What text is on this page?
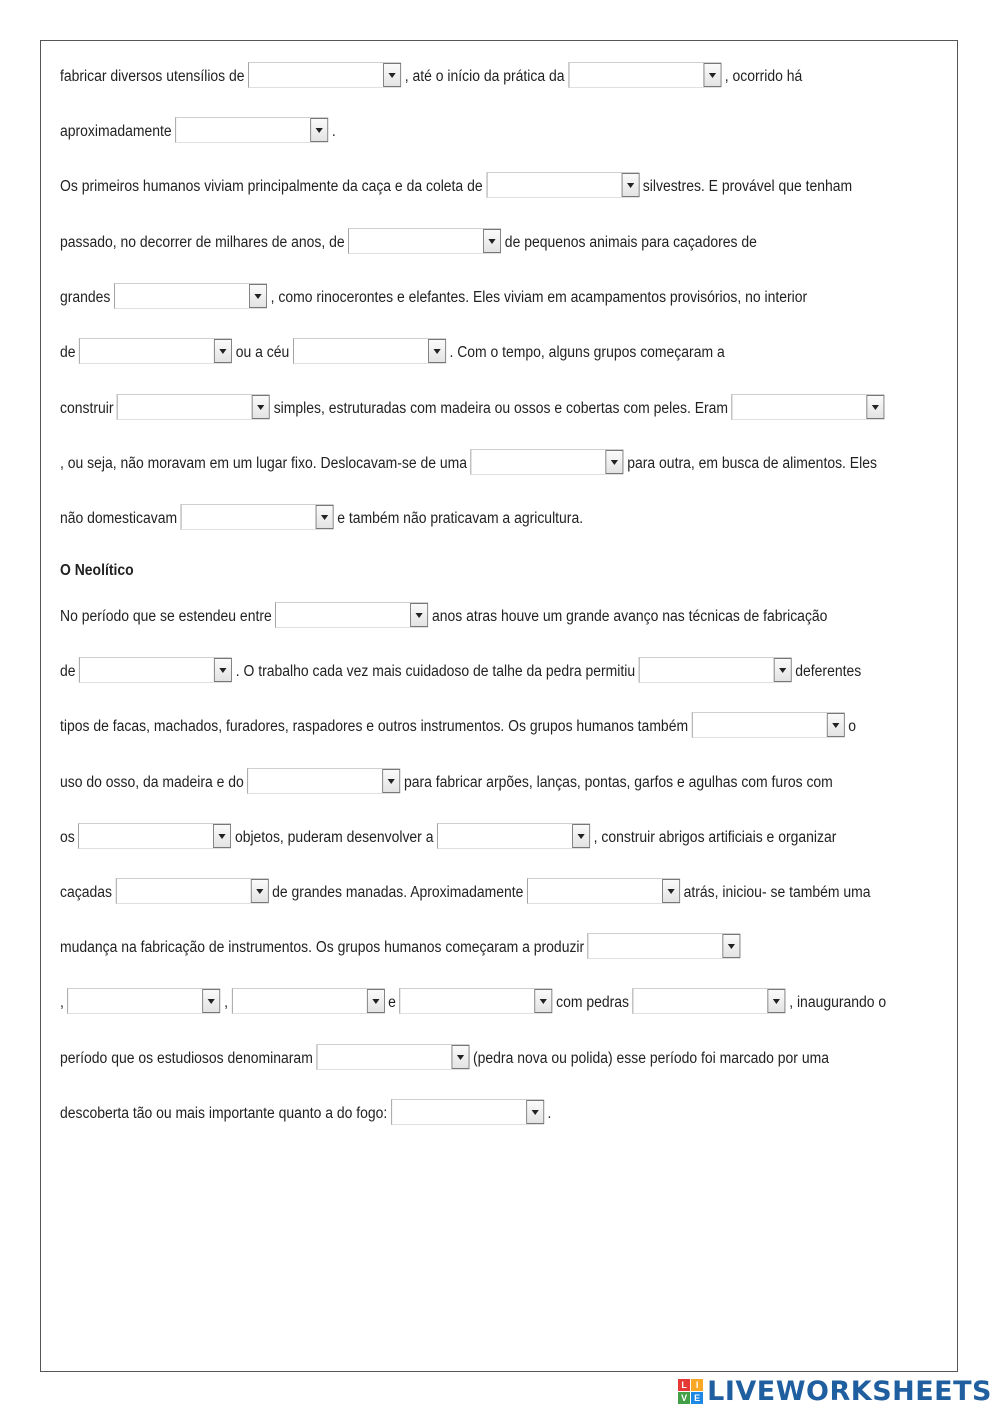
fabricar diversos utensílios de	, até o início da prática da	, ocorrido há
aproximadamente	.
Os primeiros humanos viviam principalmente da caça e da coleta de	silvestres. E provável que tenham
passado, no decorrer de milhares de anos, de	de pequenos animais para caçadores de
grandes	, como rinocerontes e elefantes. Eles viviam em acampamentos provisórios, no interior
de	ou a céu	. Com o tempo, alguns grupos começaram a
construir	simples, estruturadas com madeira ou ossos e cobertas com peles. Eram
, ou seja, não moravam em um lugar fixo. Deslocavam-se de uma	para outra, em busca de alimentos. Eles
não domesticavam	e também não praticavam a agricultura.
No período que se estendeu entre	anos atras houve um grande avanço nas técnicas de fabricação
de	. O trabalho cada vez mais cuidadoso de talhe da pedra permitiu	deferentes
tipos de facas, machados, furadores, raspadores e outros instrumentos. Os grupos humanos também	o
uso do osso, da madeira e do	para fabricar arpões, lanças, pontas, garfos e agulhas com furos com
os	objetos, puderam desenvolver a	, construir abrigos artificiais e organizar
caçadas	de grandes manadas. Aproximadamente	atrás, iniciou- se também uma
mudança na fabricação de instrumentos. Os grupos humanos começaram a produzir
,	,	e	com pedras	, inaugurando o
período que os estudiosos denominaram	(pedra nova ou polida) esse período foi marcado por uma
descoberta tão ou mais importante quanto a do fogo:	.
O Neolítico
L I
V E LIVEWORKSHEETS
